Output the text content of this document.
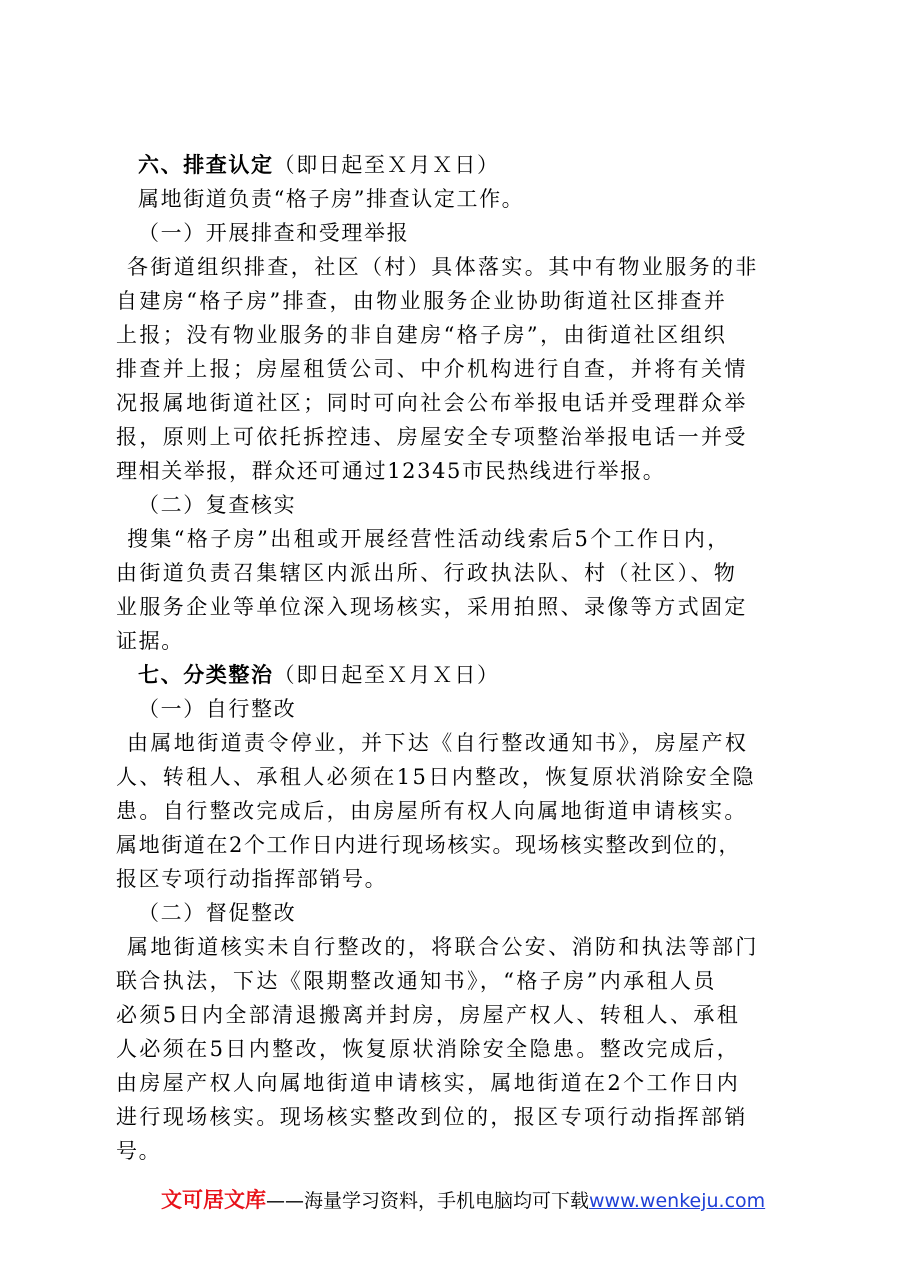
六、排查认定（即日起至Ｘ月Ｘ日）
属地街道负责“格子房”排查认定工作。
（一）开展排查和受理举报
各街道组织排查，社区（村）具体落实。其中有物业服务的非
自建房“格子房”排查，由物业服务企业协助街道社区排查并
上报；没有物业服务的非自建房“格子房”，由街道社区组织
排查并上报；房屋租赁公司、中介机构进行自查，并将有关情
况报属地街道社区；同时可向社会公布举报电话并受理群众举
报，原则上可依托拆控违、房屋安全专项整治举报电话一并受
理相关举报，群众还可通过12345市民热线进行举报。
（二）复查核实
搜集“格子房”出租或开展经营性活动线索后5个工作日内，
由街道负责召集辖区内派出所、行政执法队、村（社区）、物
业服务企业等单位深入现场核实，采用拍照、录像等方式固定
证据。
七、分类整治（即日起至Ｘ月Ｘ日）
（一）自行整改
由属地街道责令停业，并下达《自行整改通知书》，房屋产权
人、转租人、承租人必须在15日内整改，恢复原状消除安全隐
患。自行整改完成后，由房屋所有权人向属地街道申请核实。
属地街道在2个工作日内进行现场核实。现场核实整改到位的，
报区专项行动指挥部销号。
（二）督促整改
属地街道核实未自行整改的，将联合公安、消防和执法等部门
联合执法，下达《限期整改通知书》，“格子房”内承租人员
必须5日内全部清退搬离并封房，房屋产权人、转租人、承租
人必须在5日内整改，恢复原状消除安全隐患。整改完成后，
由房屋产权人向属地街道申请核实，属地街道在2个工作日内
进行现场核实。现场核实整改到位的，报区专项行动指挥部销
号。
文可居文库——海量学习资料，手机电脑均可下载www.wenkeju.com
